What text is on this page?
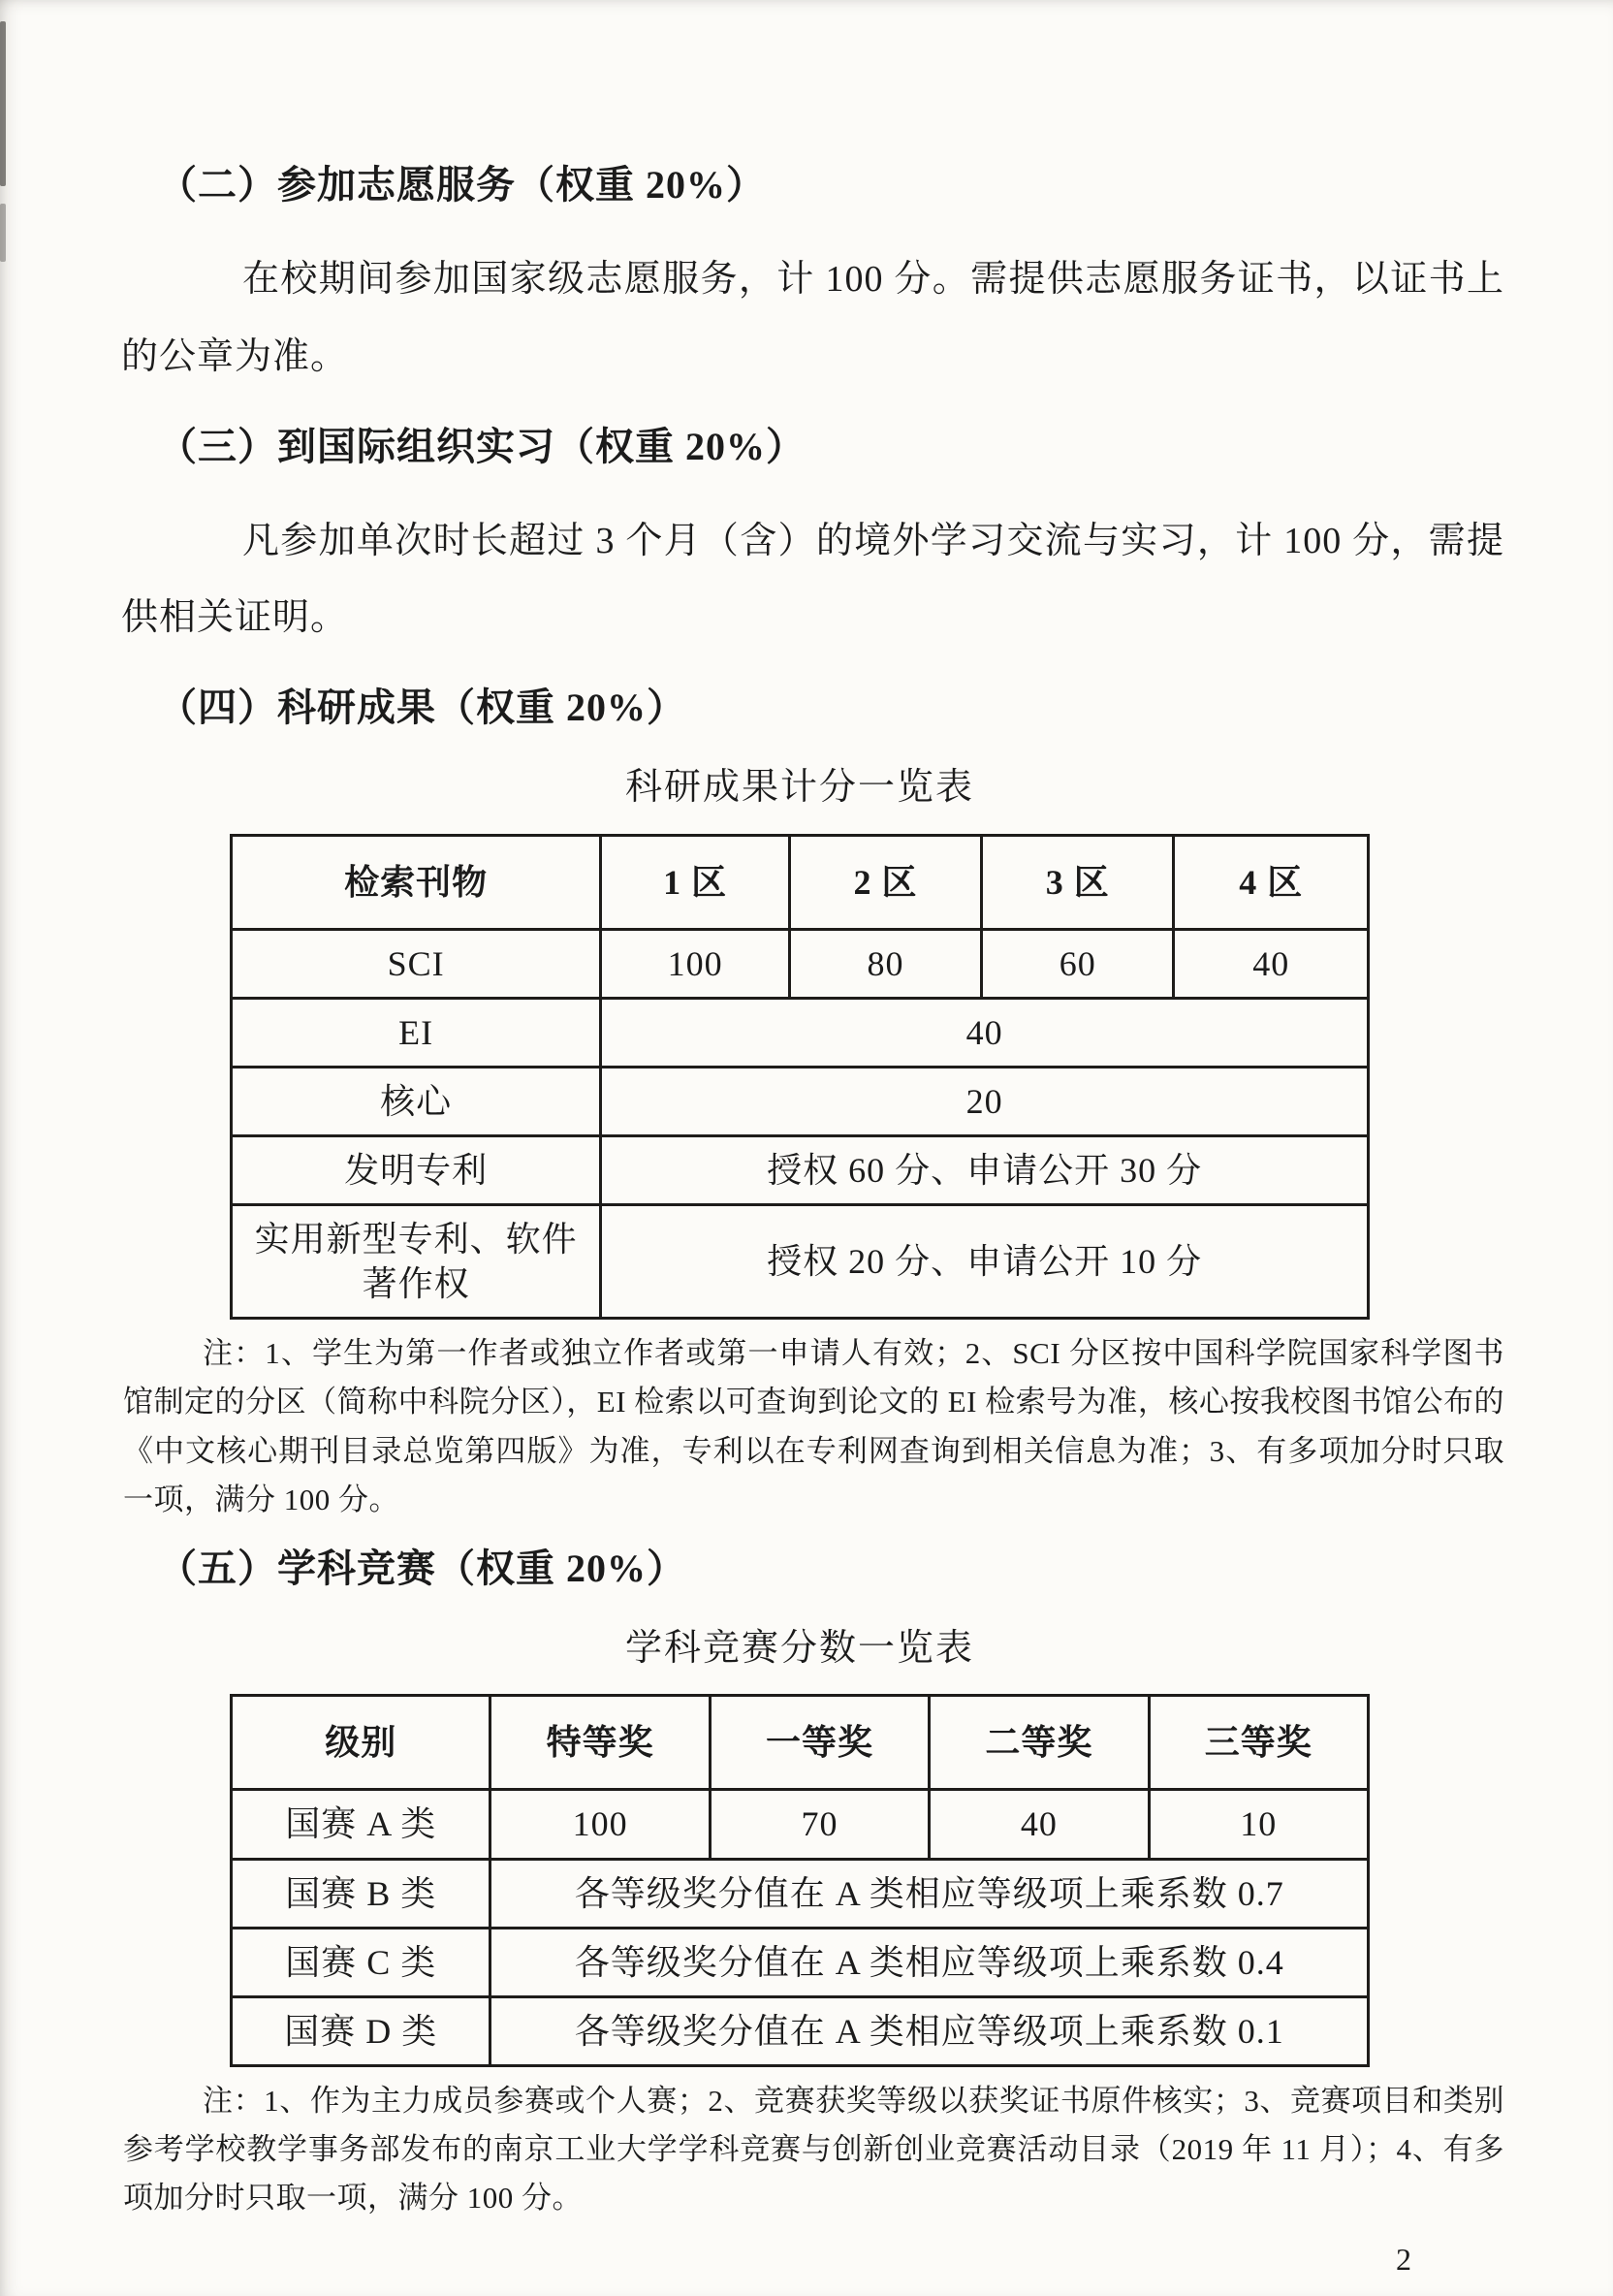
（二）参加志愿服务（权重 20%）

在校期间参加国家级志愿服务，计 100 分。需提供志愿服务证书，以证书上的公章为准。

（三）到国际组织实习（权重 20%）

凡参加单次时长超过 3 个月（含）的境外学习交流与实习，计 100 分，需提供相关证明。

（四）科研成果（权重 20%）
科研成果计分一览表
检索刊物	1 区	2 区	3 区	4 区
SCI	100	80	60	40
EI	40			
核心	20			
发明专利	授权 60 分、申请公开 30 分			
实用新型专利、软件著作权	授权 20 分、申请公开 10 分			

注：1、学生为第一作者或独立作者或第一申请人有效；2、SCI 分区按中国科学院国家科学图书馆制定的分区（简称中科院分区），EI 检索以可查询到论文的 EI 检索号为准，核心按我校图书馆公布的《中文核心期刊目录总览第四版》为准，专利以在专利网查询到相关信息为准；3、有多项加分时只取一项，满分 100 分。

（五）学科竞赛（权重 20%）
学科竞赛分数一览表
级别	特等奖	一等奖	二等奖	三等奖
国赛 A 类	100	70	40	10
国赛 B 类	各等级奖分值在 A 类相应等级项上乘系数 0.7			
国赛 C 类	各等级奖分值在 A 类相应等级项上乘系数 0.4			
国赛 D 类	各等级奖分值在 A 类相应等级项上乘系数 0.1			

注：1、作为主力成员参赛或个人赛；2、竞赛获奖等级以获奖证书原件核实；3、竞赛项目和类别参考学校教学事务部发布的南京工业大学学科竞赛与创新创业竞赛活动目录（2019 年 11 月）；4、有多项加分时只取一项，满分 100 分。

2
